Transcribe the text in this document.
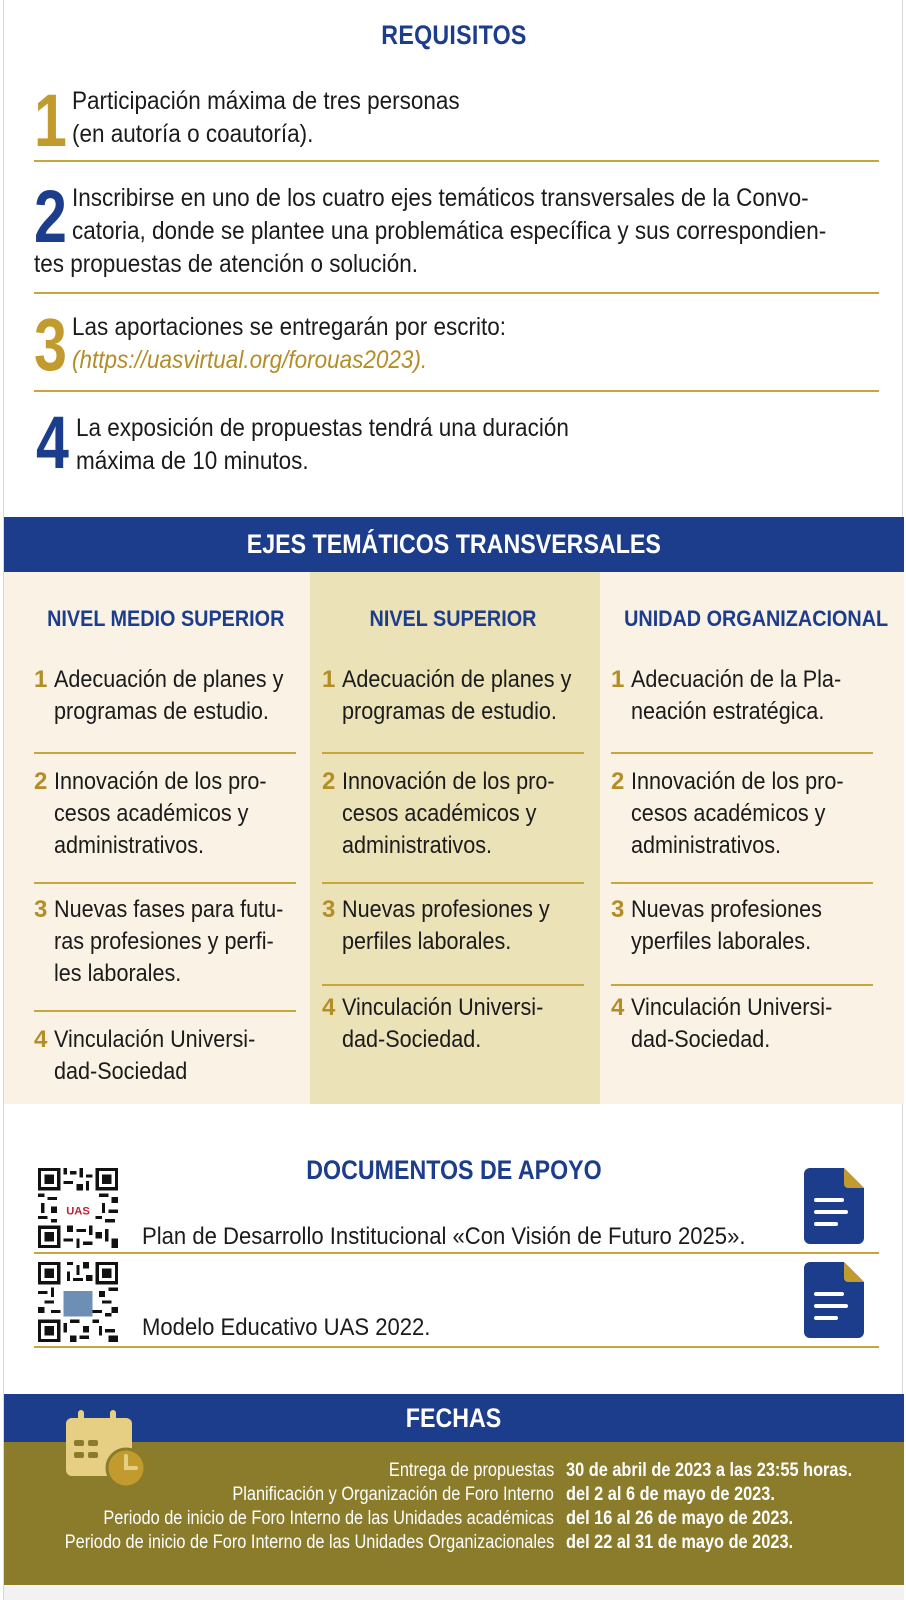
REQUISITOS
1 Participación máxima de tres personas
(en autoría o coautoría).
2 Inscribirse en uno de los cuatro ejes temáticos transversales de la Convo-
catoria, donde se plantee una problemática específica y sus correspondien-
tes propuestas de atención o solución.
3 Las aportaciones se entregarán por escrito:
(https://uasvirtual.org/forouas2023).
4 La exposición de propuestas tendrá una duración
máxima de 10 minutos.
EJES TEMÁTICOS TRANSVERSALES
NIVEL MEDIO SUPERIOR
1 Adecuación de planes y
programas de estudio.
2 Innovación de los pro-
cesos académicos y
administrativos.
3 Nuevas fases para futu-
ras profesiones y perfi-
les laborales.
4 Vinculación Universi-
dad-Sociedad
NIVEL SUPERIOR
1 Adecuación de planes y
programas de estudio.
2 Innovación de los pro-
cesos académicos y
administrativos.
3 Nuevas profesiones y
perfiles laborales.
4 Vinculación Universi-
dad-Sociedad.
UNIDAD ORGANIZACIONAL
1 Adecuación de la Pla-
neación estratégica.
2 Innovación de los pro-
cesos académicos y
administrativos.
3 Nuevas profesiones
yperfiles laborales.
4 Vinculación Universi-
dad-Sociedad.
DOCUMENTOS DE APOYO
UAS
Plan de Desarrollo Institucional «Con Visión de Futuro 2025».
Modelo Educativo UAS 2022.
FECHAS
Entrega de propuestas 30 de abril de 2023 a las 23:55 horas.
Planificación y Organización de Foro Interno del 2 al 6 de mayo de 2023.
Periodo de inicio de Foro Interno de las Unidades académicas del 16 al 26 de mayo de 2023.
Periodo de inicio de Foro Interno de las Unidades Organizacionales del 22 al 31 de mayo de 2023.
